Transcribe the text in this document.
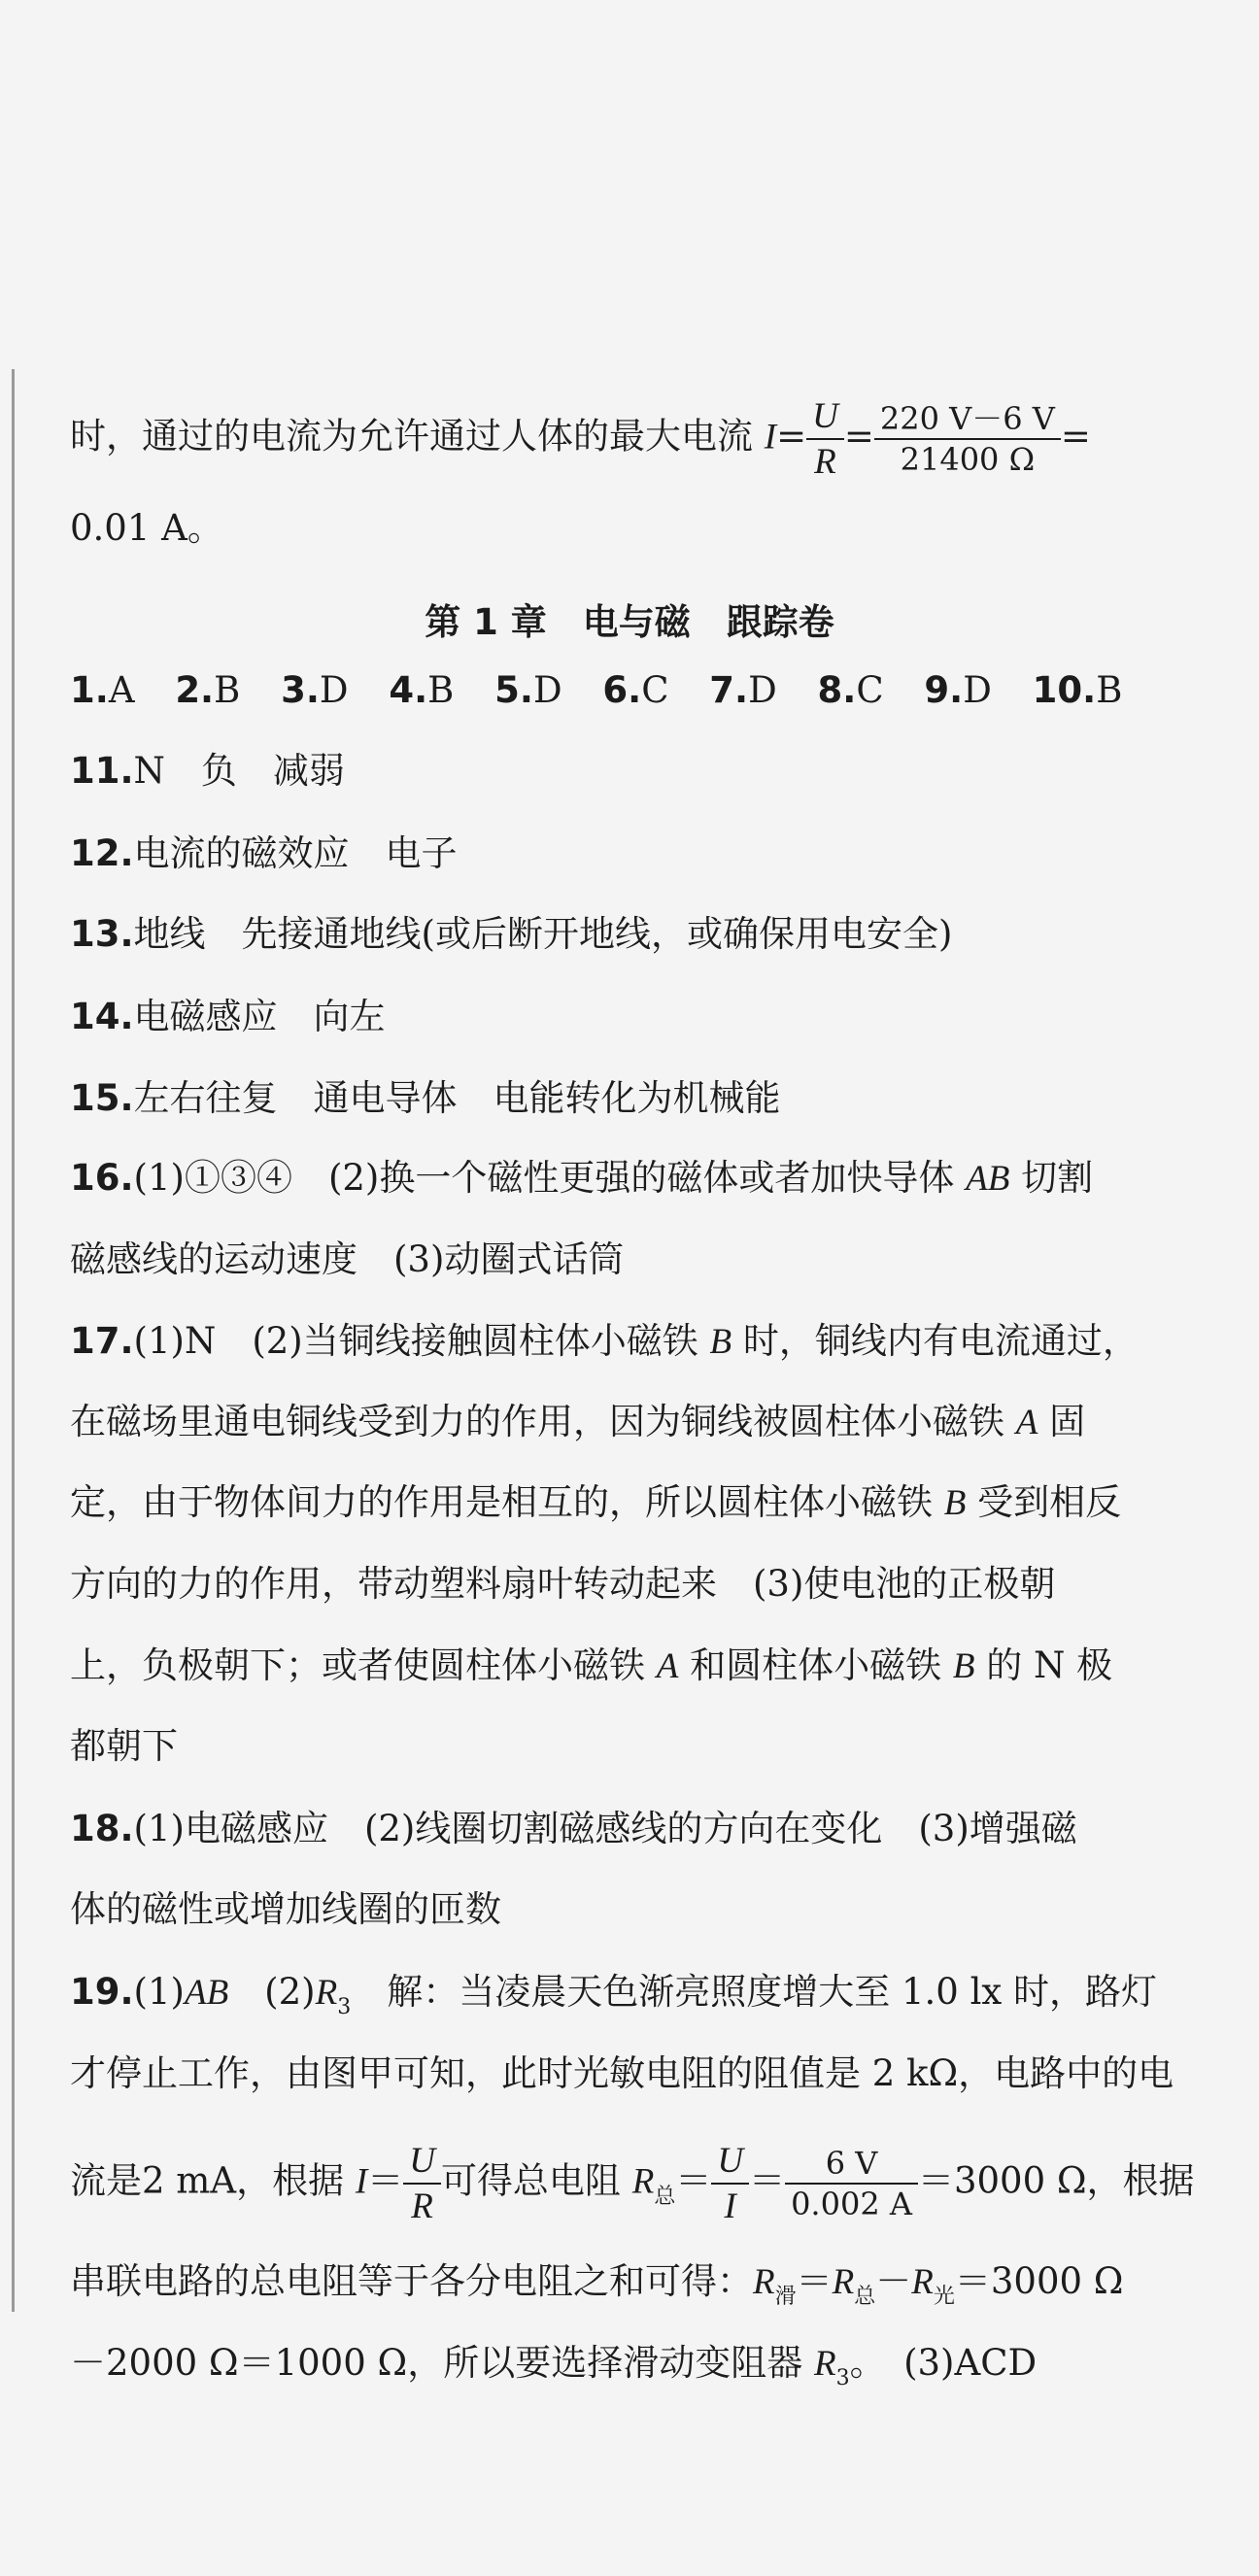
时，通过的电流为允许通过人体的最大电流 $I= \frac{U}{R} = \frac{220 V-6 V}{21400 \Omega}$ =
0.01 A。
第 1 章　电与磁　跟踪卷
1.A 2.B 3.D 4.B 5.D 6.C 7.D 8.C 9.D 10.B
11.N　负　减弱
12.电流的磁效应　电子
13.地线　先接通地线(或后断开地线，或确保用电安全)
14.电磁感应　向左
15.左右往复　通电导体　电能转化为机械能
16.(1)①③④　(2)换一个磁性更强的磁体或者加快导体 AB 切割
磁感线的运动速度　(3)动圈式话筒
17.(1)N　(2)当铜线接触圆柱体小磁铁 B 时，铜线内有电流通过，
在磁场里通电铜线受到力的作用，因为铜线被圆柱体小磁铁 A 固
定，由于物体间力的作用是相互的，所以圆柱体小磁铁 B 受到相反
方向的力的作用，带动塑料扇叶转动起来　(3)使电池的正极朝
上，负极朝下；或者使圆柱体小磁铁 A 和圆柱体小磁铁 B 的 N 极
都朝下
18.(1)电磁感应　(2)线圈切割磁感线的方向在变化　(3)增强磁
体的磁性或增加线圈的匝数
19.(1)AB　$(2)R_3$　解：当凌晨天色渐亮照度增大至 1.0 lx 时，路灯
才停止工作，由图甲可知，此时光敏电阻的阻值是 2 kΩ，电路中的电
流是2 mA，根据 $I= \frac{U}{R}$ 可得总电阻 $R_总= \frac{U}{I} = \frac{6 V}{0.002 A} =3000$ Ω，根据
串联电路的总电阻等于各分电阻之和可得：$R_滑=R_总-R_光=3000$ Ω
－2000 Ω＝1000 Ω，所以要选择滑动变阻器 $R_3$。　(3)ACD
